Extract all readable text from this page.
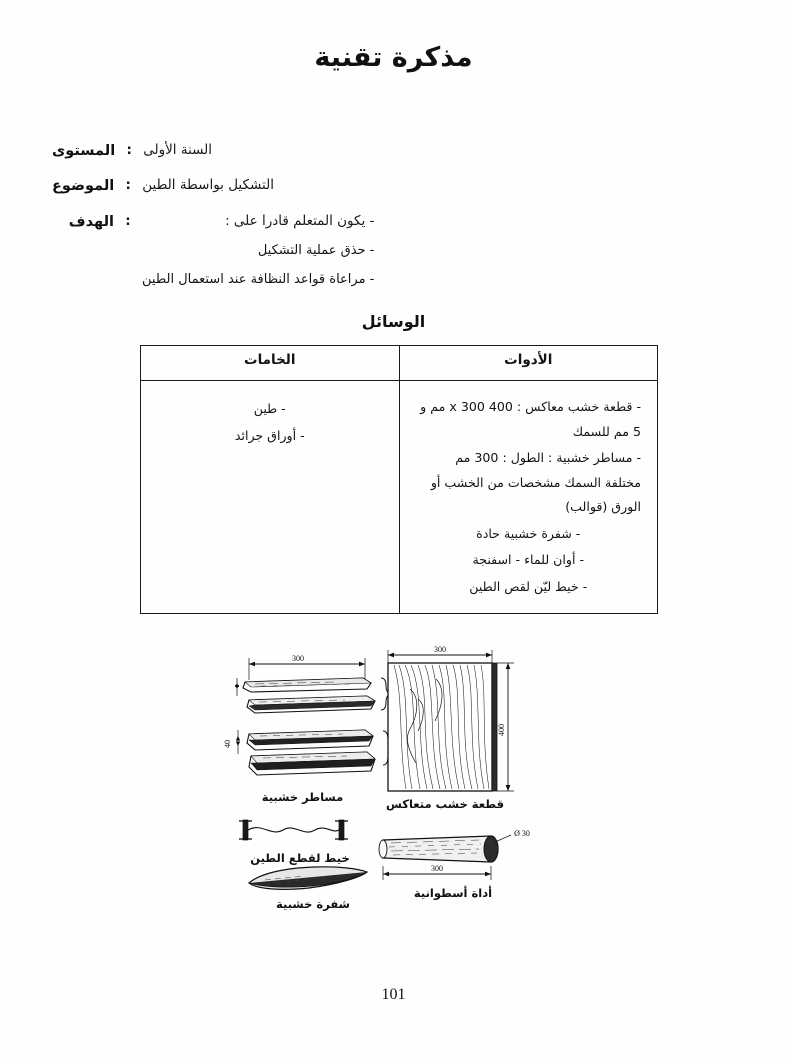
مذكرة تقنية
السنة الأولى
:
المستوى
التشكيل بواسطة الطين
:
الموضوع
- يكون المتعلم قادرا على :
- حذق عملية التشكيل
- مراعاة قواعد النظافة عند استعمال الطين
:
الهدف
الوسائل
الأدوات	الخامات

- قطعة خشب معاكس : 400 x 300 مم و 5 مم للسمك
- مساطر خشبية : الطول : 300 مم مختلفة السمك مشخصات من الخشب أو الورق (قوالب)
- شفرة خشبية حادة
- أوان للماء - اسفنجة
- خيط ليّن لقص الطين

- طين
- أوراق جرائد
300
40
مساطر خشبية
300
400
قطعة خشب متعاكس
خيط لقطع الطين
شفرة خشبية
Ø 30
300
أداة أسطوانية
101
